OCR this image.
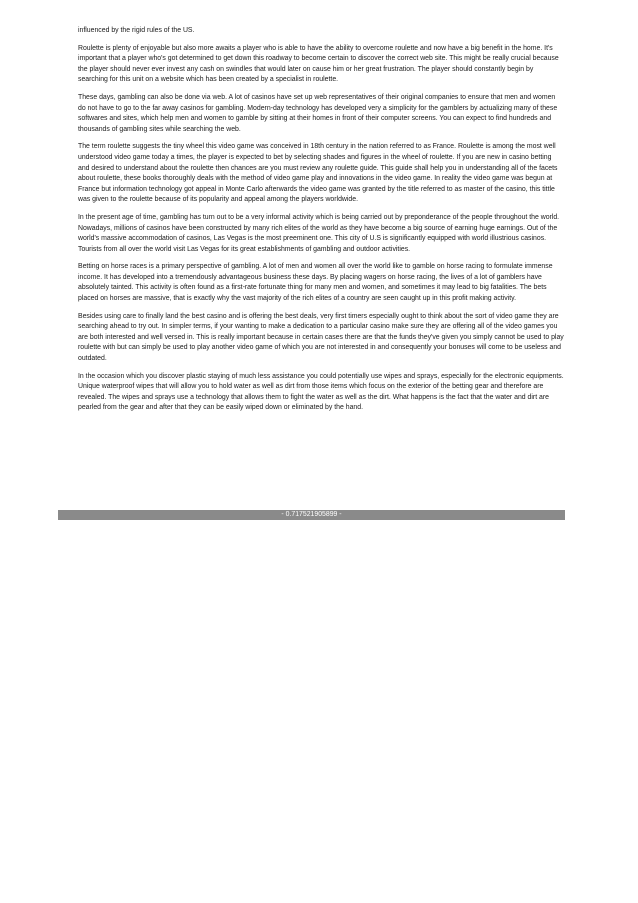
influenced by the rigid rules of the US.

Roulette is plenty of enjoyable but also more awaits a player who is able to have the ability to overcome roulette and now have a big benefit in the home. It's important that a player who's got determined to get down this roadway to become certain to discover the correct web site. This might be really crucial because the player should never ever invest any cash on swindles that would later on cause him or her great frustration. The player should constantly begin by searching for this unit on a website which has been created by a specialist in roulette.

These days, gambling can also be done via web. A lot of casinos have set up web representatives of their original companies to ensure that men and women do not have to go to the far away casinos for gambling. Modern-day technology has developed very a simplicity for the gamblers by actualizing many of these softwares and sites, which help men and women to gamble by sitting at their homes in front of their computer screens. You can expect to find hundreds and thousands of gambling sites while searching the web.

The term roulette suggests the tiny wheel this video game was conceived in 18th century in the nation referred to as France. Roulette is among the most well understood video game today a times, the player is expected to bet by selecting shades and figures in the wheel of roulette. If you are new in casino betting and desired to understand about the roulette then chances are you must review any roulette guide. This guide shall help you in understanding all of the facets about roulette, these books thoroughly deals with the method of video game play and innovations in the video game. In reality the video game was begun at France but information technology got appeal in Monte Carlo afterwards the video game was granted by the title referred to as master of the casino, this tittle was given to the roulette because of its popularity and appeal among the players worldwide.

In the present age of time, gambling has turn out to be a very informal activity which is being carried out by preponderance of the people throughout the world. Nowadays, millions of casinos have been constructed by many rich elites of the world as they have become a big source of earning huge earnings. Out of the world's massive accommodation of casinos, Las Vegas is the most preeminent one. This city of U.S is significantly equipped with world illustrious casinos. Tourists from all over the world visit Las Vegas for its great establishments of gambling and outdoor activities.

Betting on horse races is a primary perspective of gambling. A lot of men and women all over the world like to gamble on horse racing to formulate immense income. It has developed into a tremendously advantageous business these days. By placing wagers on horse racing, the lives of a lot of gamblers have absolutely tainted. This activity is often found as a first-rate fortunate thing for many men and women, and sometimes it may lead to big fatalities. The bets placed on horses are massive, that is exactly why the vast majority of the rich elites of a country are seen caught up in this profit making activity.

Besides using care to finally land the best casino and is offering the best deals, very first timers especially ought to think about the sort of video game they are searching ahead to try out. In simpler terms, if your wanting to make a dedication to a particular casino make sure they are offering all of the video games you are both interested and well versed in. This is really important because in certain cases there are that the funds they've given you simply cannot be used to play roulette with but can simply be used to play another video game of which you are not interested in and consequently your bonuses will come to be useless and outdated.

In the occasion which you discover plastic staying of much less assistance you could potentially use wipes and sprays, especially for the electronic equipments. Unique waterproof wipes that will allow you to hold water as well as dirt from those items which focus on the exterior of the betting gear and therefore are revealed. The wipes and sprays use a technology that allows them to fight the water as well as the dirt. What happens is the fact that the water and dirt are pearled from the gear and after that they can be easily wiped down or eliminated by the hand.

- 0.717521905899 -
